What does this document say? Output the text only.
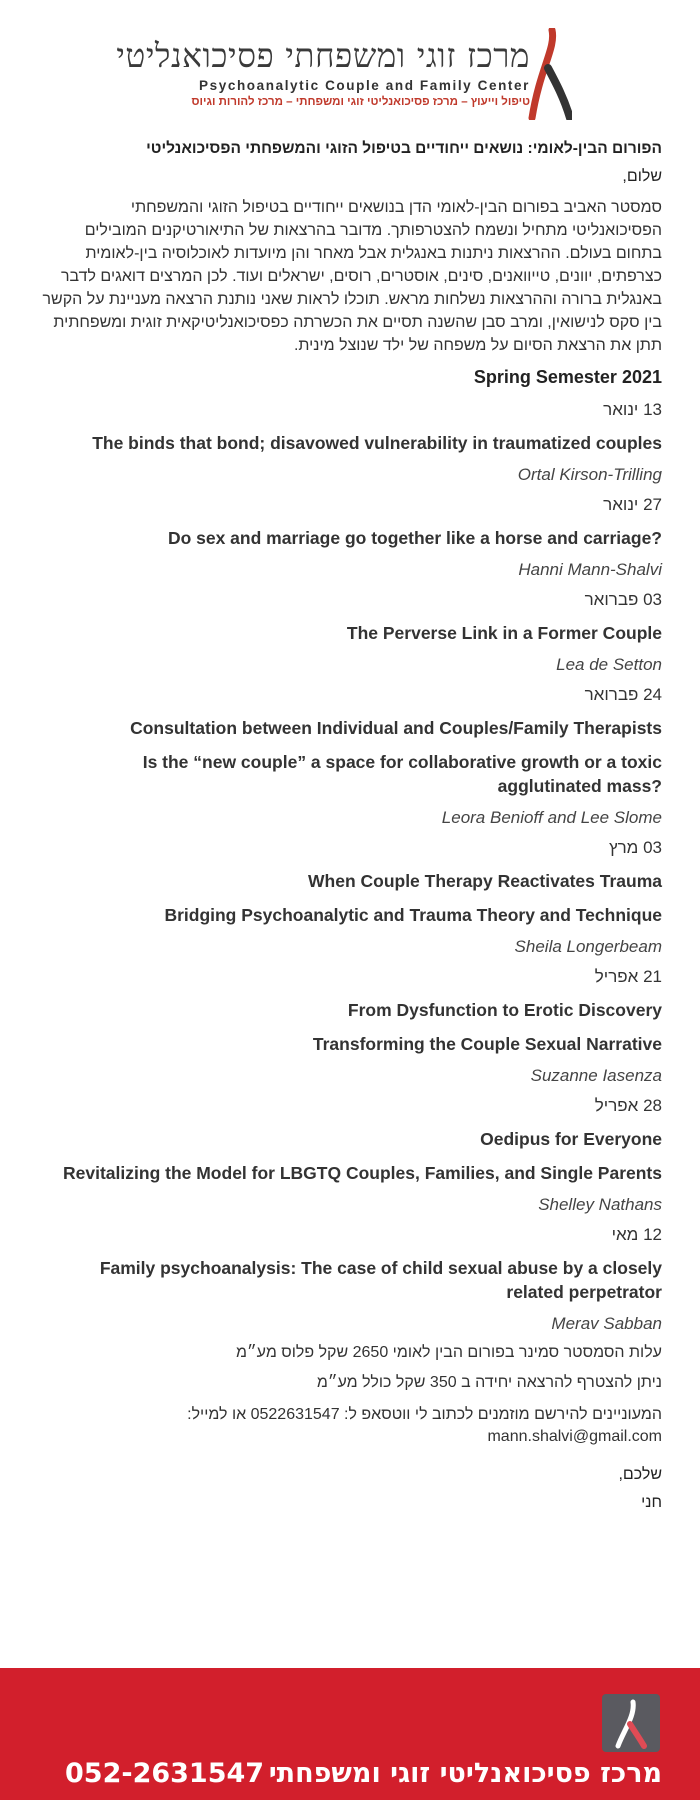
מרכז זוגי ומשפחתי פסיכואנליטי
Psychoanalytic Couple and Family Center
טיפול וייעוץ – מרכז פסיכואנליטי זוגי ומשפחתי – מרכז להורות וגיוס
הפורום הבין-לאומי: נושאים ייחודיים בטיפול הזוגי והמשפחתי הפסיכואנליטי
שלום,
סמסטר האביב בפורום הבין-לאומי הדן בנושאים ייחודיים בטיפול הזוגי והמשפחתי הפסיכואנליטי מתחיל ונשמח להצטרפותך. מדובר בהרצאות של התיאורטיקנים המובילים בתחום בעולם. ההרצאות ניתנות באנגלית אבל מאחר והן מיועדות לאוכלוסיה בין-לאומית כצרפתים, יוונים, טייוואנים, סינים, אוסטרים, רוסים, ישראלים ועוד. לכן המרצים דואגים לדבר באנגלית ברורה וההרצאות נשלחות מראש. תוכלו לראות שאני נותנת הרצאה מעניינת על הקשר בין סקס לנישואין, ומרב סבן שהשנה תסיים את הכשרתה כפסיכואנליטיקאית זוגית ומשפחתית תתן את הרצאת הסיום על משפחה של ילד שנוצל מינית.
Spring Semester 2021
13 ינואר
The binds that bond; disavowed vulnerability in traumatized couples
Ortal Kirson-Trilling
27 ינואר
Do sex and marriage go together like a horse and carriage?
Hanni Mann-Shalvi
03 פברואר
The Perverse Link in a Former Couple
Lea de Setton
24 פברואר
Consultation between Individual and Couples/Family Therapists
Is the “new couple” a space for collaborative growth or a toxic agglutinated mass?
Leora Benioff and Lee Slome
03 מרץ
When Couple Therapy Reactivates Trauma
Bridging Psychoanalytic and Trauma Theory and Technique
Sheila Longerbeam
21 אפריל
From Dysfunction to Erotic Discovery
Transforming the Couple Sexual Narrative
Suzanne Iasenza
28 אפריל
Oedipus for Everyone
Revitalizing the Model for LBGTQ Couples, Families, and Single Parents
Shelley Nathans
12 מאי
Family psychoanalysis: The case of child sexual abuse by a closely related perpetrator
Merav Sabban
עלות הסמסטר סמינר בפורום הבין לאומי 2650 שקל פלוס מע״מ
ניתן להצטרף להרצאה יחידה ב 350 שקל כולל מע״מ
המעוניינים להירשם מוזמנים לכתוב לי ווטסאפ ל: 0522631547 או למייל:
mann.shalvi@gmail.com
שלכם,
חני
מרכז פסיכואנליטי זוגי ומשפחתי
052-2631547
